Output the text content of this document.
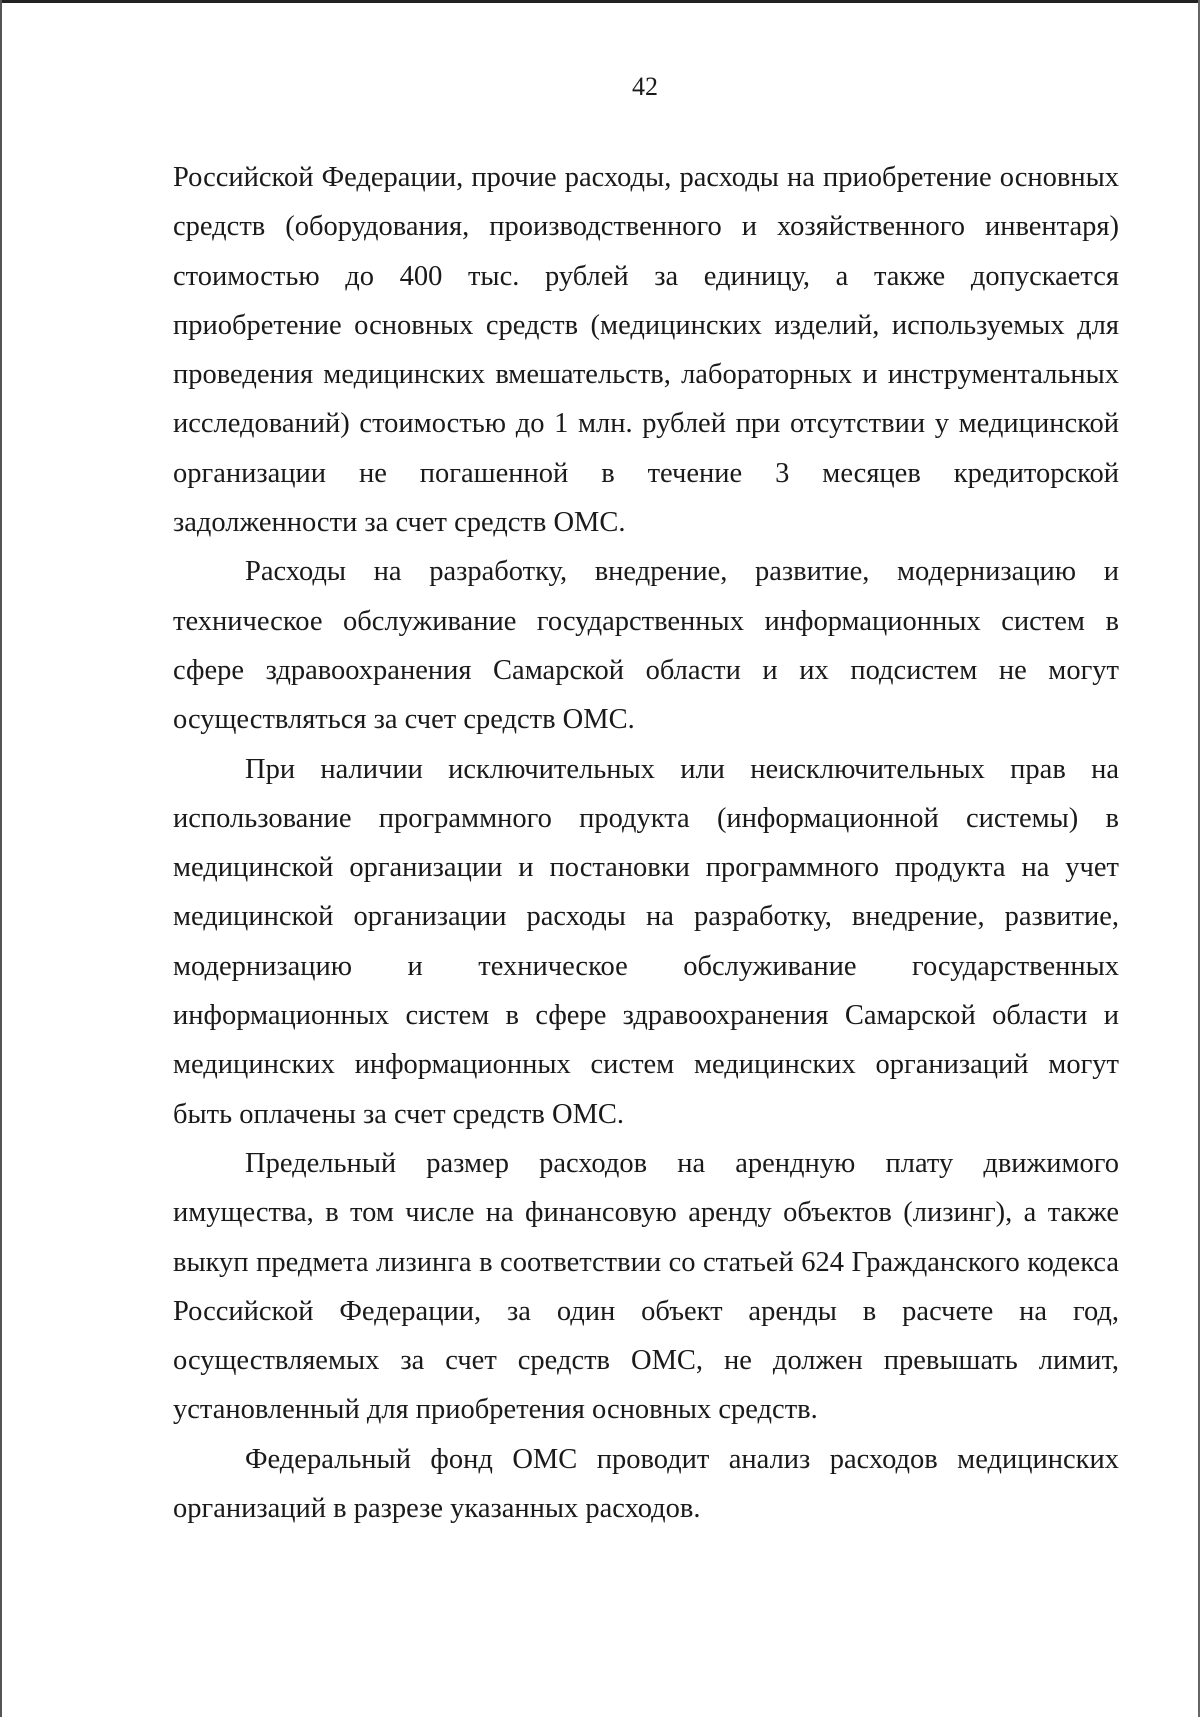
42

Российской Федерации, прочие расходы, расходы на приобретение основных средств (оборудования, производственного и хозяйственного инвентаря) стоимостью до 400 тыс. рублей за единицу, а также допускается приобретение основных средств (медицинских изделий, используемых для проведения медицинских вмешательств, лабораторных и инструментальных исследований) стоимостью до 1 млн. рублей при отсутствии у медицинской организации не погашенной в течение 3 месяцев кредиторской задолженности за счет средств ОМС.

Расходы на разработку, внедрение, развитие, модернизацию и техническое обслуживание государственных информационных систем в сфере здравоохранения Самарской области и их подсистем не могут осуществляться за счет средств ОМС.

При наличии исключительных или неисключительных прав на использование программного продукта (информационной системы) в медицинской организации и постановки программного продукта на учет медицинской организации расходы на разработку, внедрение, развитие, модернизацию и техническое обслуживание государственных информационных систем в сфере здравоохранения Самарской области и медицинских информационных систем медицинских организаций могут быть оплачены за счет средств ОМС.

Предельный размер расходов на арендную плату движимого имущества, в том числе на финансовую аренду объектов (лизинг), а также выкуп предмета лизинга в соответствии со статьей 624 Гражданского кодекса Российской Федерации, за один объект аренды в расчете на год, осуществляемых за счет средств ОМС, не должен превышать лимит, установленный для приобретения основных средств.

Федеральный фонд ОМС проводит анализ расходов медицинских организаций в разрезе указанных расходов.
